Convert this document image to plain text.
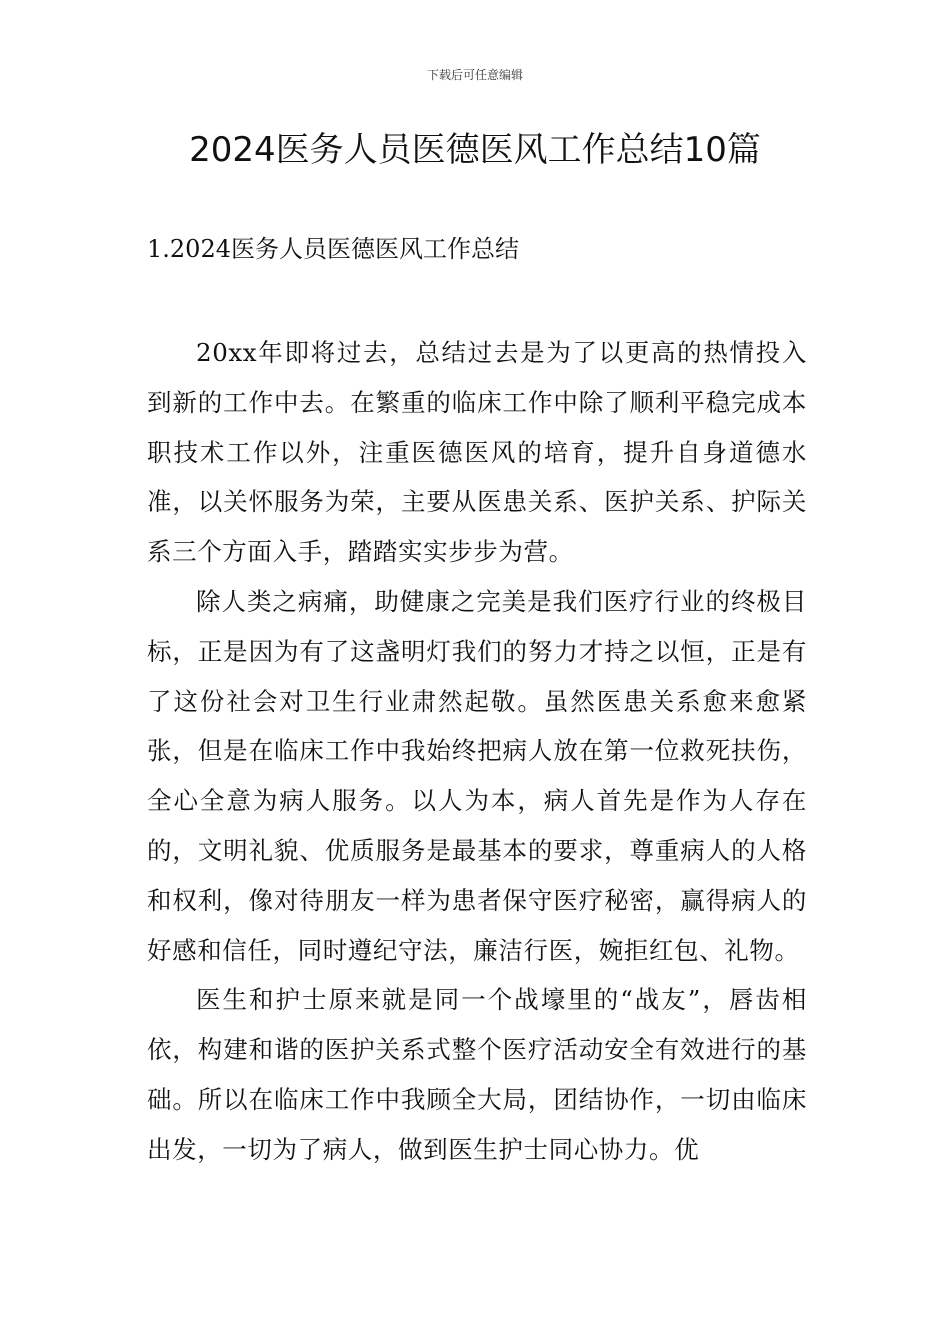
下载后可任意编辑
2024医务人员医德医风工作总结10篇
1.2024医务人员医德医风工作总结

20xx年即将过去，总结过去是为了以更高的热情投入到新的工作中去。在繁重的临床工作中除了顺利平稳完成本职技术工作以外，注重医德医风的培育，提升自身道德水准，以关怀服务为荣，主要从医患关系、医护关系、护际关系三个方面入手，踏踏实实步步为营。

除人类之病痛，助健康之完美是我们医疗行业的终极目标，正是因为有了这盏明灯我们的努力才持之以恒，正是有了这份社会对卫生行业肃然起敬。虽然医患关系愈来愈紧张，但是在临床工作中我始终把病人放在第一位救死扶伤，全心全意为病人服务。以人为本，病人首先是作为人存在的，文明礼貌、优质服务是最基本的要求，尊重病人的人格和权利，像对待朋友一样为患者保守医疗秘密，赢得病人的好感和信任，同时遵纪守法，廉洁行医，婉拒红包、礼物。

医生和护士原来就是同一个战壕里的“战友”，唇齿相依，构建和谐的医护关系式整个医疗活动安全有效进行的基础。所以在临床工作中我顾全大局，团结协作，一切由临床出发，一切为了病人，做到医生护士同心协力。优
